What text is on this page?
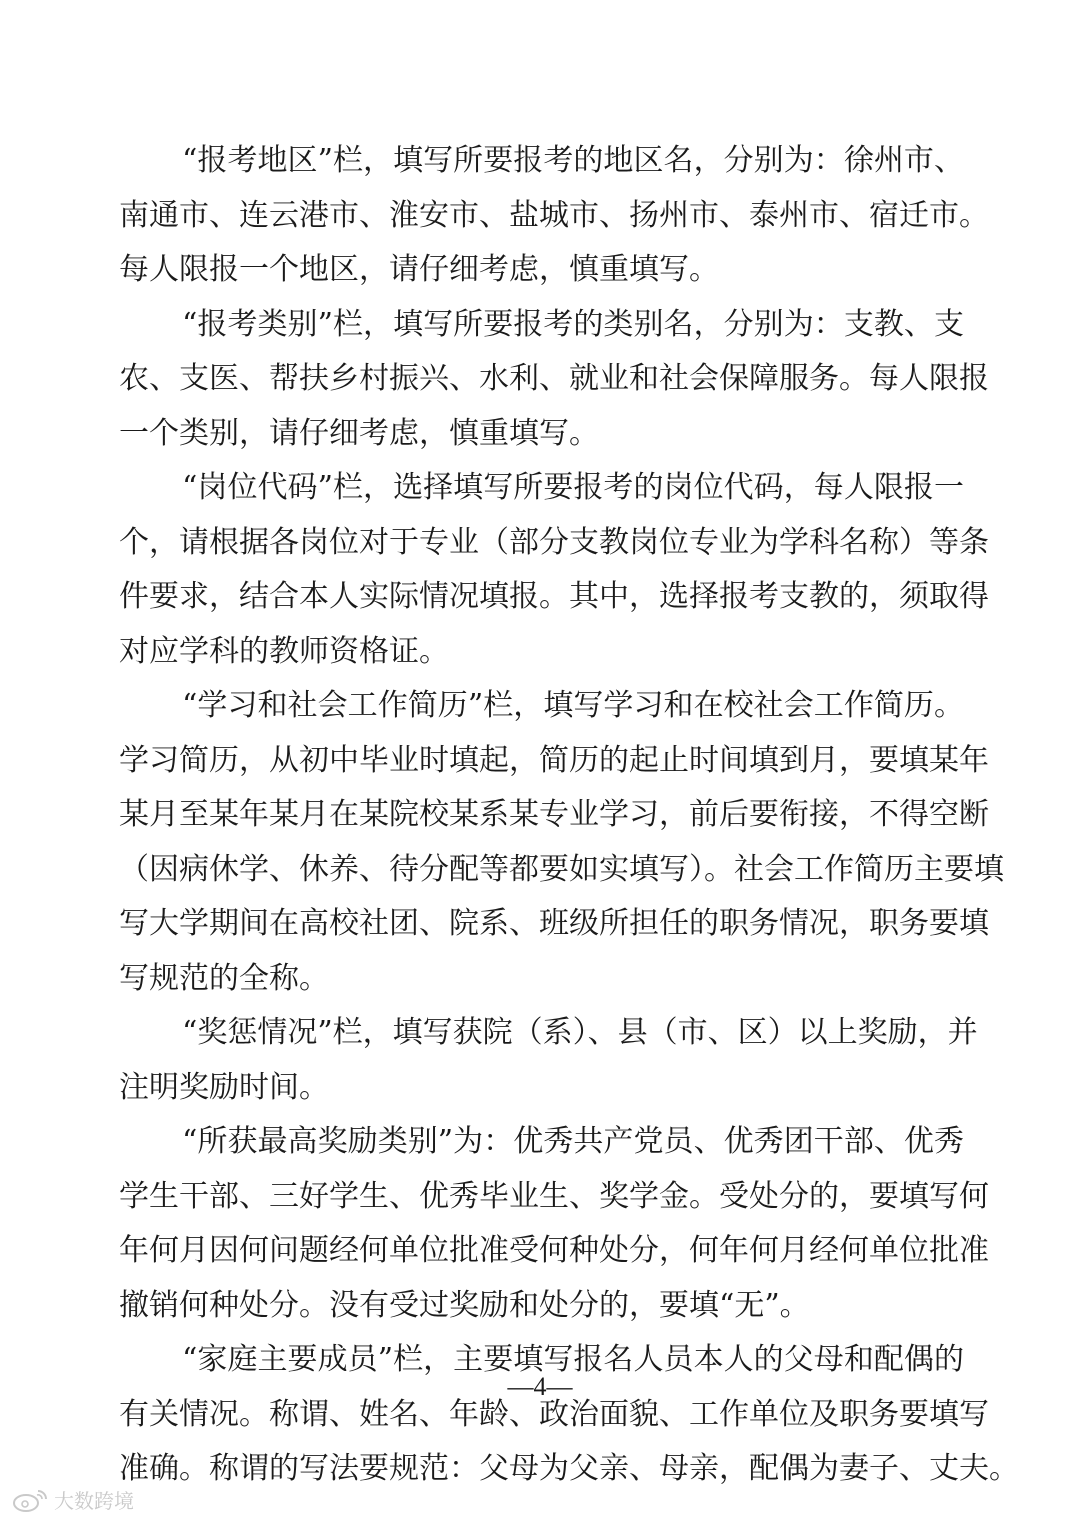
“报考地区”栏，填写所要报考的地区名，分别为：徐州市、
南通市、连云港市、淮安市、盐城市、扬州市、泰州市、宿迁市。
每人限报一个地区，请仔细考虑，慎重填写。
“报考类别”栏，填写所要报考的类别名，分别为：支教、支
农、支医、帮扶乡村振兴、水利、就业和社会保障服务。每人限报
一个类别，请仔细考虑，慎重填写。
“岗位代码”栏，选择填写所要报考的岗位代码，每人限报一
个，请根据各岗位对于专业（部分支教岗位专业为学科名称）等条
件要求，结合本人实际情况填报。其中，选择报考支教的，须取得
对应学科的教师资格证。
“学习和社会工作简历”栏，填写学习和在校社会工作简历。
学习简历，从初中毕业时填起，简历的起止时间填到月，要填某年
某月至某年某月在某院校某系某专业学习，前后要衔接，不得空断
（因病休学、休养、待分配等都要如实填写）。社会工作简历主要填
写大学期间在高校社团、院系、班级所担任的职务情况，职务要填
写规范的全称。
“奖惩情况”栏，填写获院（系）、县（市、区）以上奖励，并
注明奖励时间。
“所获最高奖励类别”为：优秀共产党员、优秀团干部、优秀
学生干部、三好学生、优秀毕业生、奖学金。受处分的，要填写何
年何月因何问题经何单位批准受何种处分，何年何月经何单位批准
撤销何种处分。没有受过奖励和处分的，要填“无”。
“家庭主要成员”栏，主要填写报名人员本人的父母和配偶的
有关情况。称谓、姓名、年龄、政治面貌、工作单位及职务要填写
准确。称谓的写法要规范：父母为父亲、母亲，配偶为妻子、丈夫。
—4—
大数跨境
